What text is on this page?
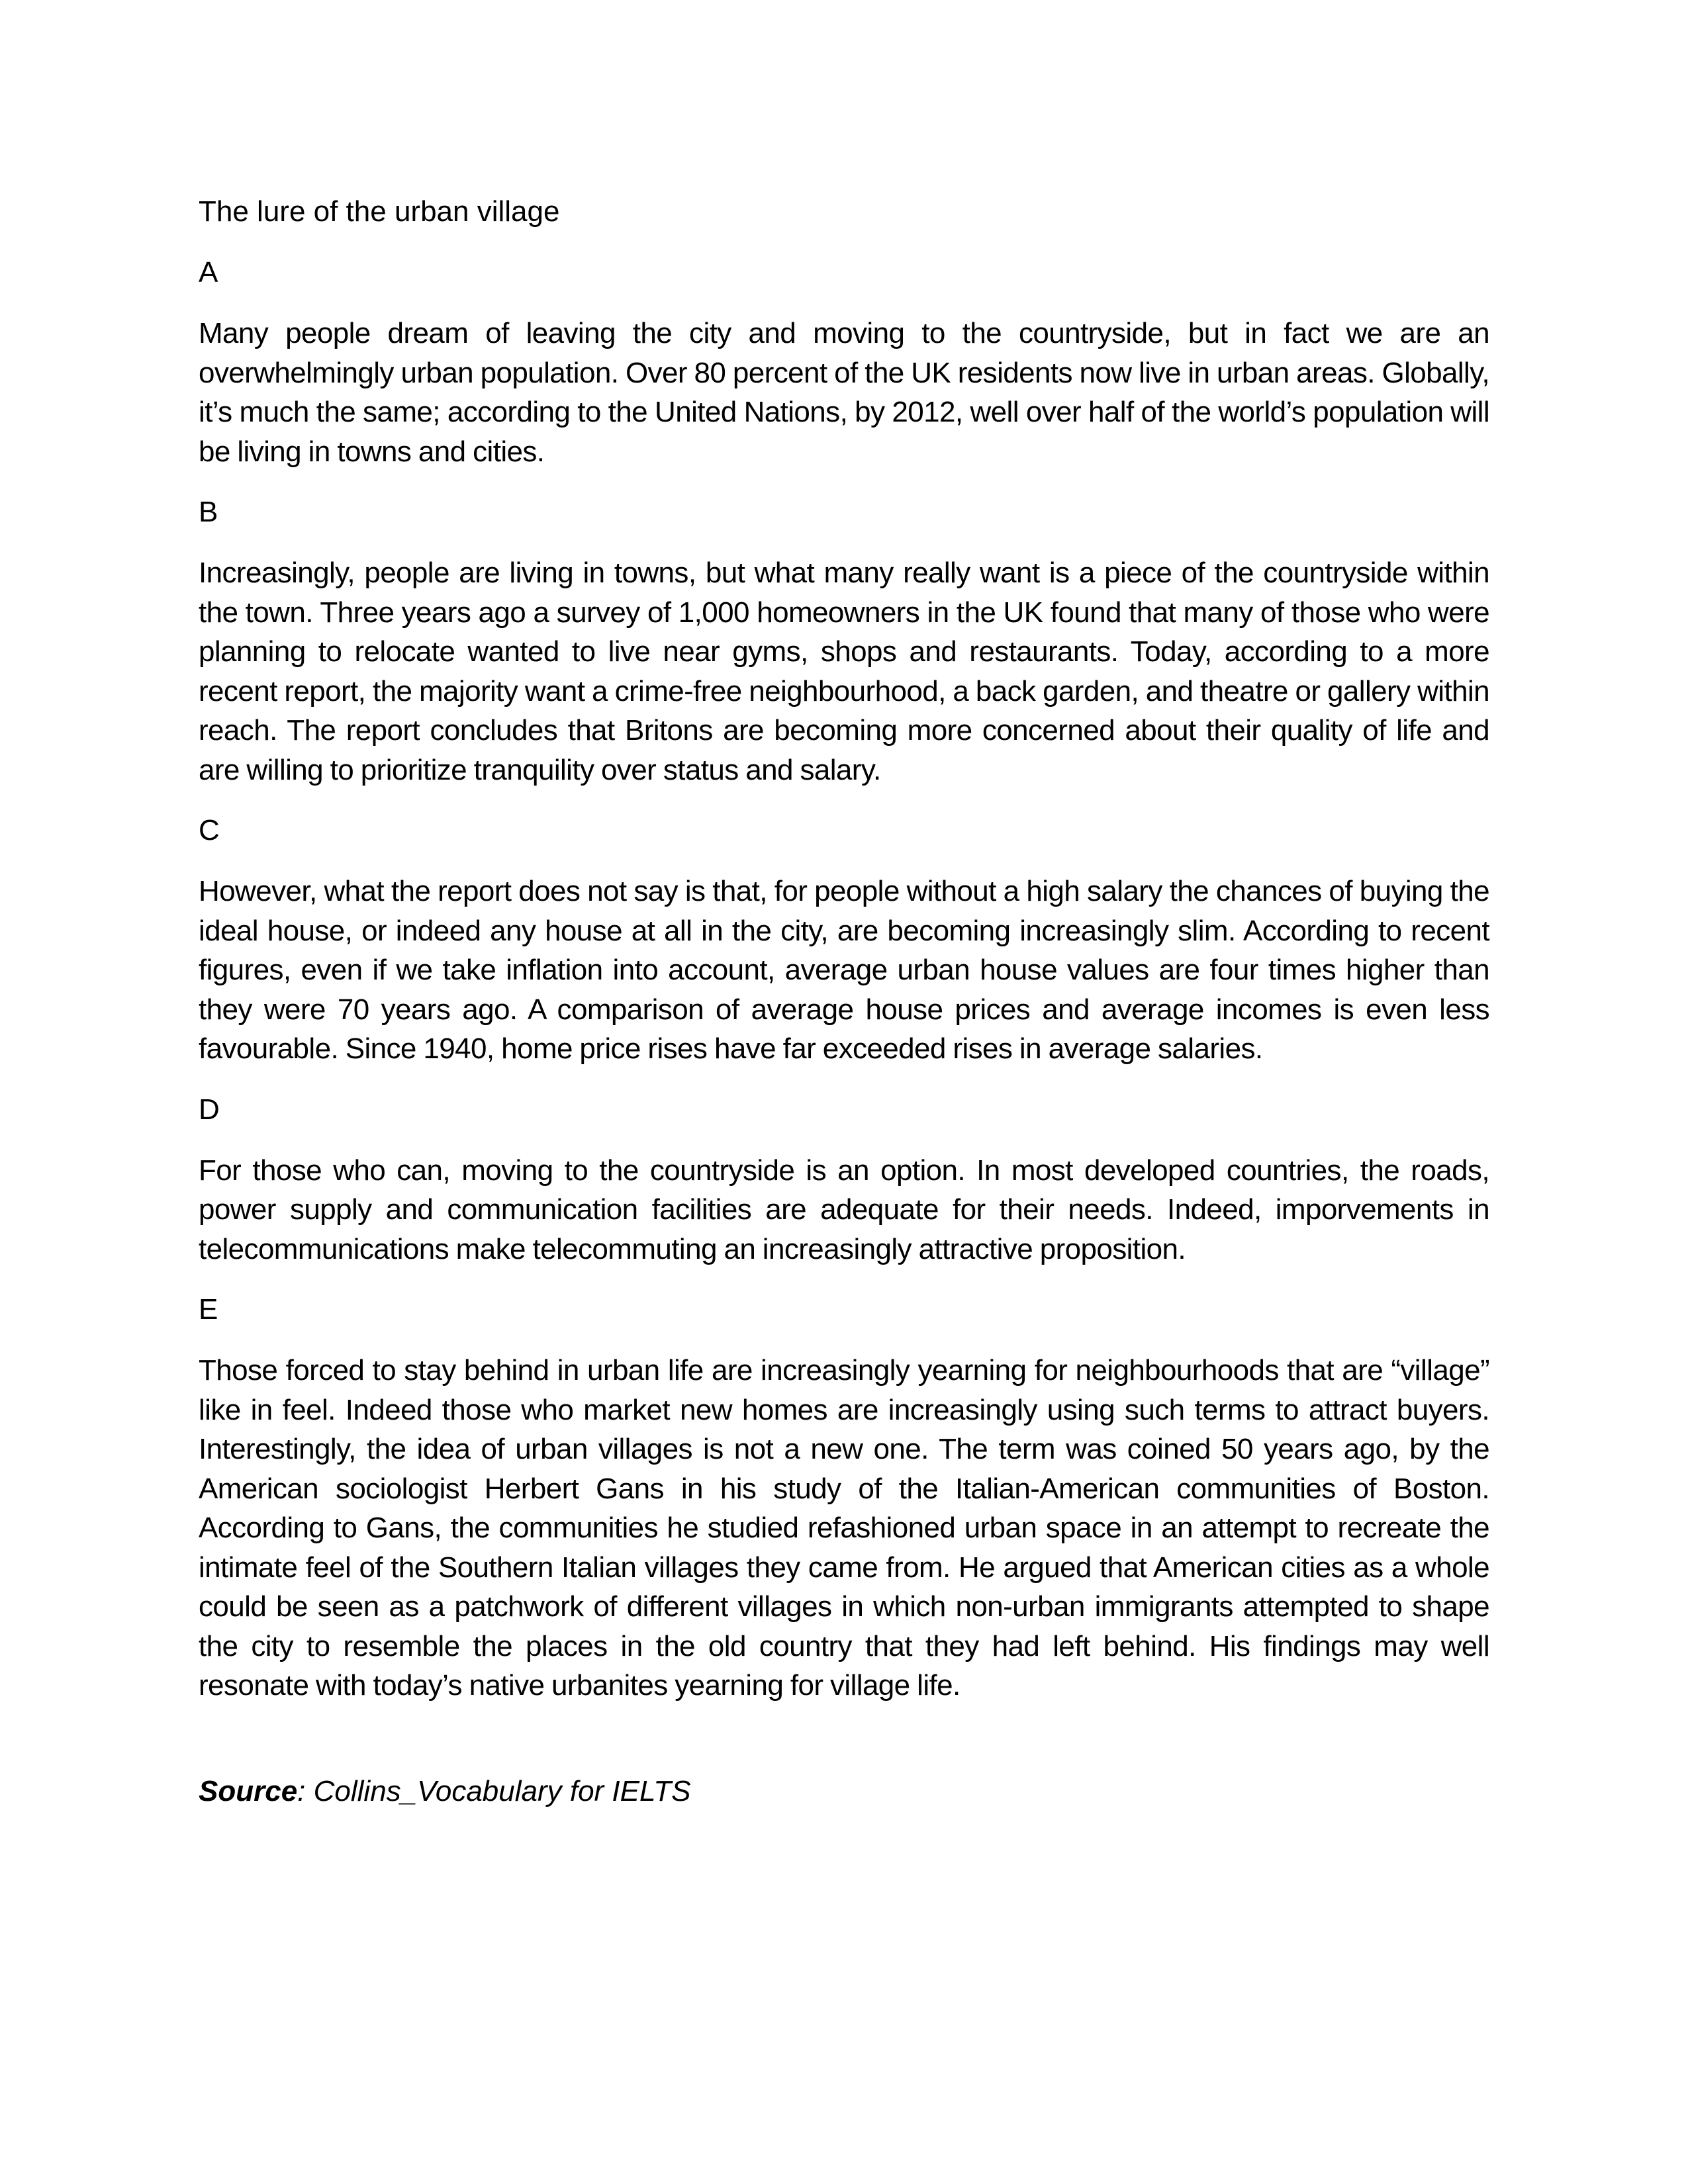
The lure of the urban village
A

Many people dream of leaving the city and moving to the countryside, but in fact we are an overwhelmingly urban population. Over 80 percent of the UK residents now live in urban areas. Globally, it’s much the same; according to the United Nations, by 2012, well over half of the world’s population will be living in towns and cities.

B

Increasingly, people are living in towns, but what many really want is a piece of the countryside within the town. Three years ago a survey of 1,000 homeowners in the UK found that many of those who were planning to relocate wanted to live near gyms, shops and restaurants. Today, according to a more recent report, the majority want a crime-free neighbourhood, a back garden, and theatre or gallery within reach. The report concludes that Britons are becoming more concerned about their quality of life and are willing to prioritize tranquility over status and salary.

C

However, what the report does not say is that, for people without a high salary the chances of buying the ideal house, or indeed any house at all in the city, are becoming increasingly slim. According to recent figures, even if we take inflation into account, average urban house values are four times higher than they were 70 years ago. A comparison of average house prices and average incomes is even less favourable. Since 1940, home price rises have far exceeded rises in average salaries.

D

For those who can, moving to the countryside is an option. In most developed countries, the roads, power supply and communication facilities are adequate for their needs. Indeed, imporvements in telecommunications make telecommuting an increasingly attractive proposition.

E

Those forced to stay behind in urban life are increasingly yearning for neighbourhoods that are “village” like in feel. Indeed those who market new homes are increasingly using such terms to attract buyers. Interestingly, the idea of urban villages is not a new one. The term was coined 50 years ago, by the American sociologist Herbert Gans in his study of the Italian-American communities of Boston. According to Gans, the communities he studied refashioned urban space in an attempt to recreate the intimate feel of the Southern Italian villages they came from. He argued that American cities as a whole could be seen as a patchwork of different villages in which non-urban immigrants attempted to shape the city to resemble the places in the old country that they had left behind. His findings may well resonate with today’s native urbanites yearning for village life.

Source: Collins_Vocabulary for IELTS
